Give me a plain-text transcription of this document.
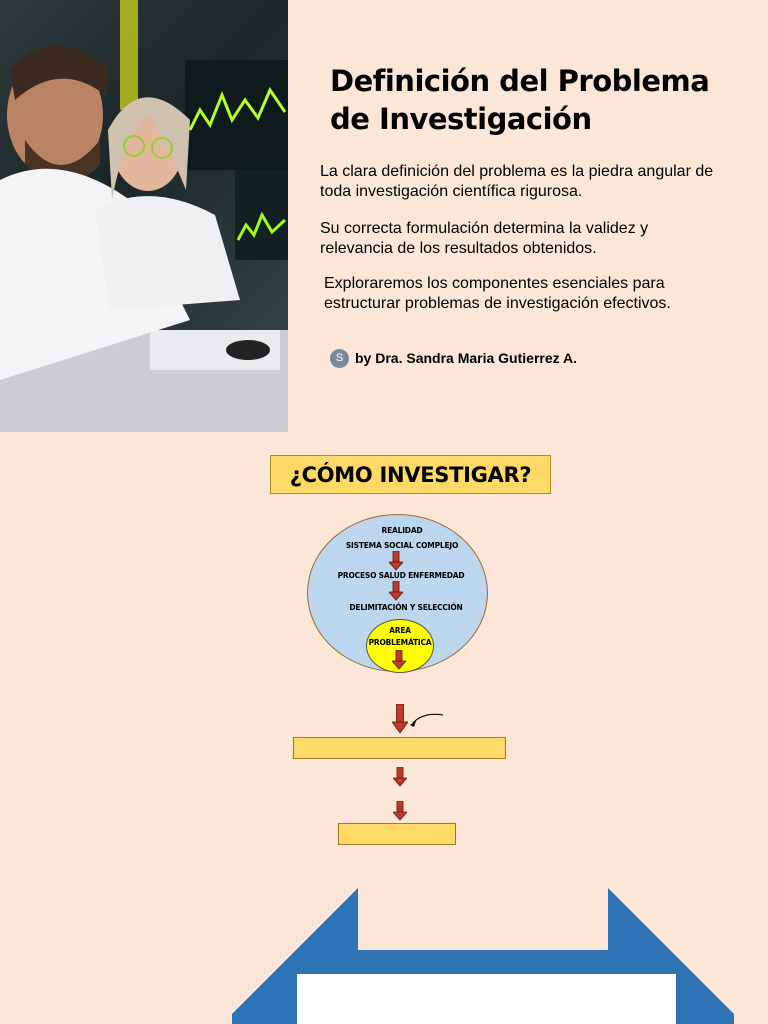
Definición del Problema de Investigación

La clara definición del problema es la piedra angular de toda investigación científica rigurosa.

Su correcta formulación determina la validez y relevancia de los resultados obtenidos.

Exploraremos los componentes esenciales para estructurar problemas de investigación efectivos.

S by Dra. Sandra Maria Gutierrez A.
¿CÓMO INVESTIGAR?
REALIDAD
SISTEMA SOCIAL COMPLEJO
PROCESO SALUD ENFERMEDAD
DELIMITACIÓN Y SELECCIÓN
AREA
PROBLEMÁTICA
